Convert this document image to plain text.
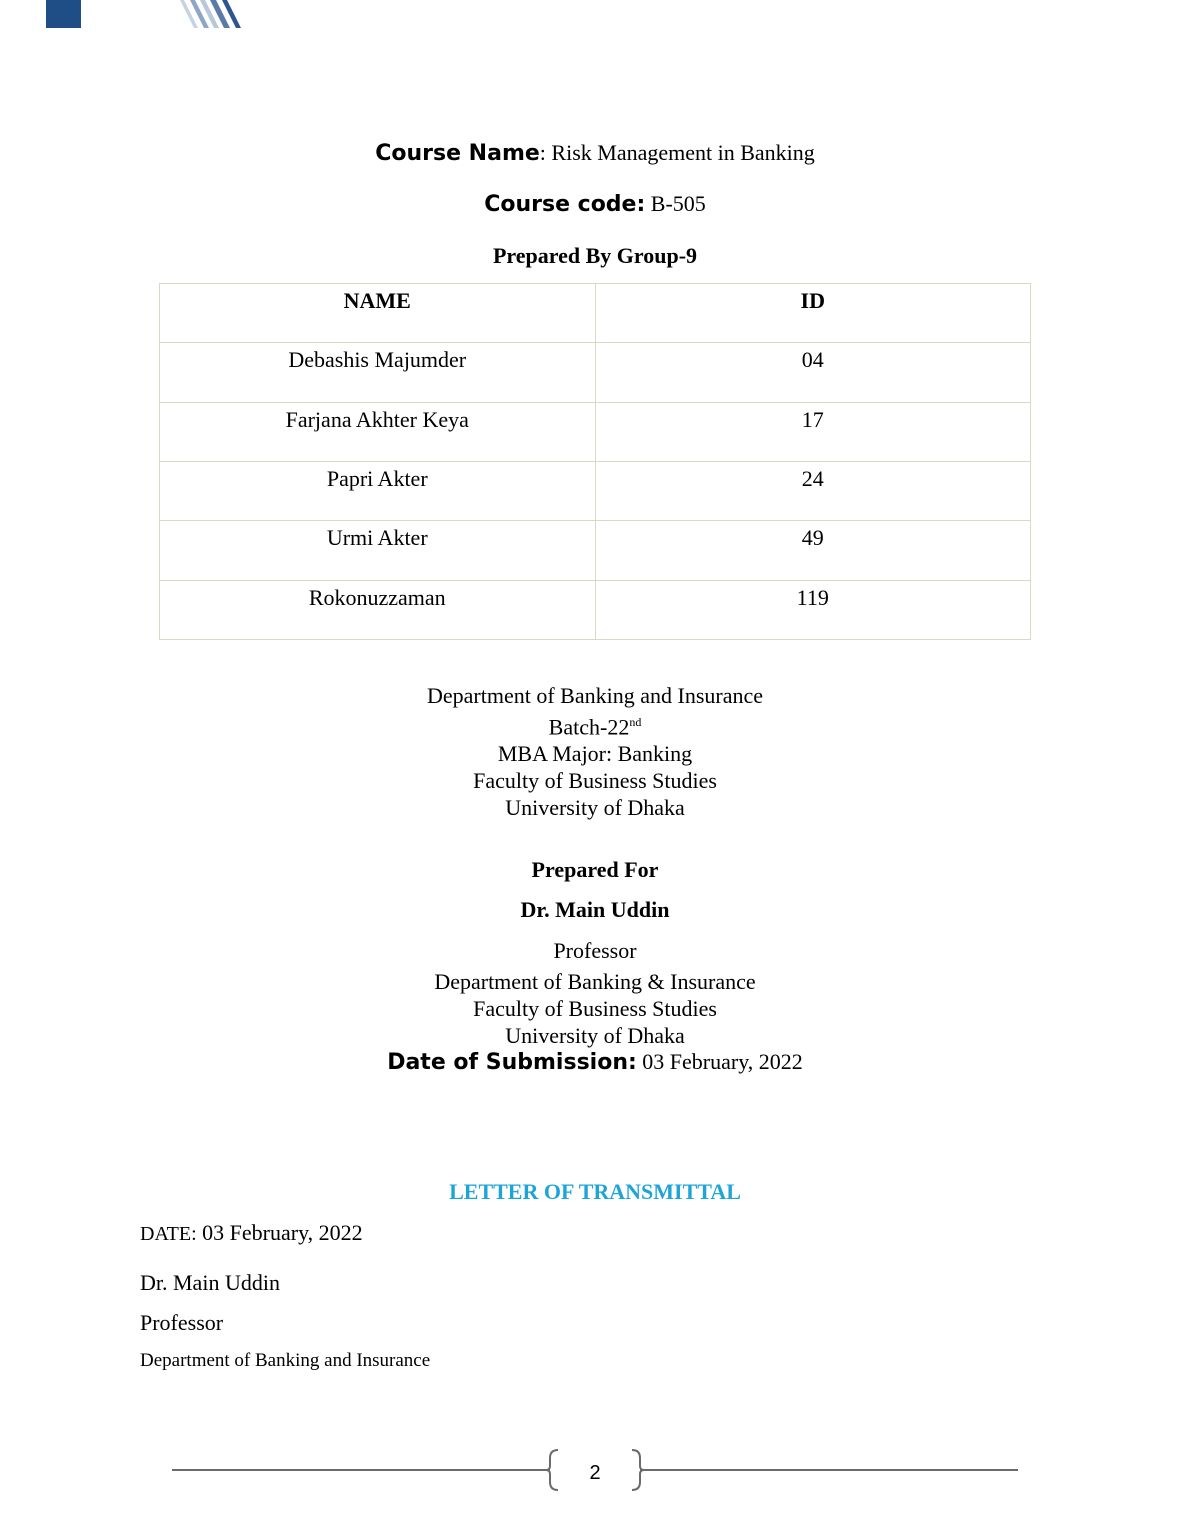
Course Name: Risk Management in Banking
Course code: B-505
Prepared By Group-9
NAME	ID
Debashis Majumder	04
Farjana Akhter Keya	17
Papri Akter	24
Urmi Akter	49
Rokonuzzaman	119
Department of Banking and Insurance
Batch-22nd
MBA Major: Banking
Faculty of Business Studies
University of Dhaka
Prepared For
Dr. Main Uddin
Professor
Department of Banking & Insurance
Faculty of Business Studies
University of Dhaka
Date of Submission: 03 February, 2022
LETTER OF TRANSMITTAL
DATE: 03 February, 2022
Dr. Main Uddin
Professor
Department of Banking and Insurance
2
